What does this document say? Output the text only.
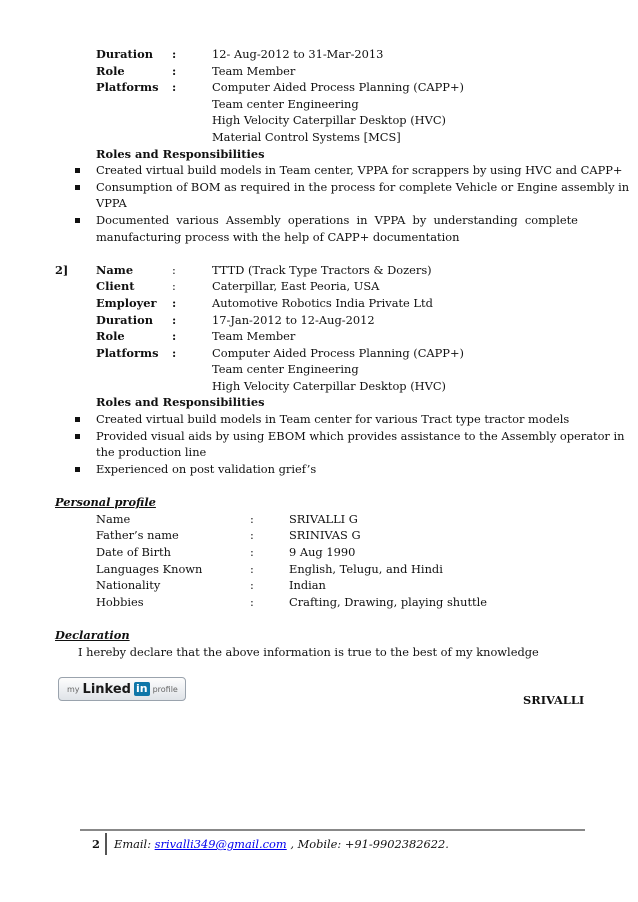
Duration :	12- Aug-2012 to 31-Mar-2013
Role	:	Team Member
Platforms :	Computer Aided Process Planning (CAPP+)
Team center Engineering
High Velocity Caterpillar Desktop (HVC)
Material Control Systems [MCS]
Roles and Responsibilities
Created virtual build models in Team center, VPPA for scrappers by using HVC and CAPP+
Consumption of BOM as required in the process for complete Vehicle or Engine assembly in
VPPA
Documented various Assembly operations in VPPA by understanding complete
manufacturing process with the help of CAPP+ documentation
2] Name	:	TTTD (Track Type Tractors & Dozers)
Client	:	Caterpillar, East Peoria, USA
Employer :	Automotive Robotics India Private Ltd
Duration :	17-Jan-2012 to 12-Aug-2012
Role	:	Team Member
Platforms :	Computer Aided Process Planning (CAPP+)
Team center Engineering
High Velocity Caterpillar Desktop (HVC)
Roles and Responsibilities
Created virtual build models in Team center for various Tract type tractor models
Provided visual aids by using EBOM which provides assistance to the Assembly operator in
the production line
Experienced on post validation grief’s
Personal profile
Name	:	SRIVALLI G
Father’s name	:	SRINIVAS G
Date of Birth	:	9 Aug 1990
Languages Known	:	English, Telugu, and Hindi
Nationality	:	Indian
Hobbies	:	Crafting, Drawing, playing shuttle
Declaration
I hereby declare that the above information is true to the best of my knowledge
my Linked in profile
SRIVALLI
2 Email: srivalli349@gmail.com , Mobile: +91-9902382622.
